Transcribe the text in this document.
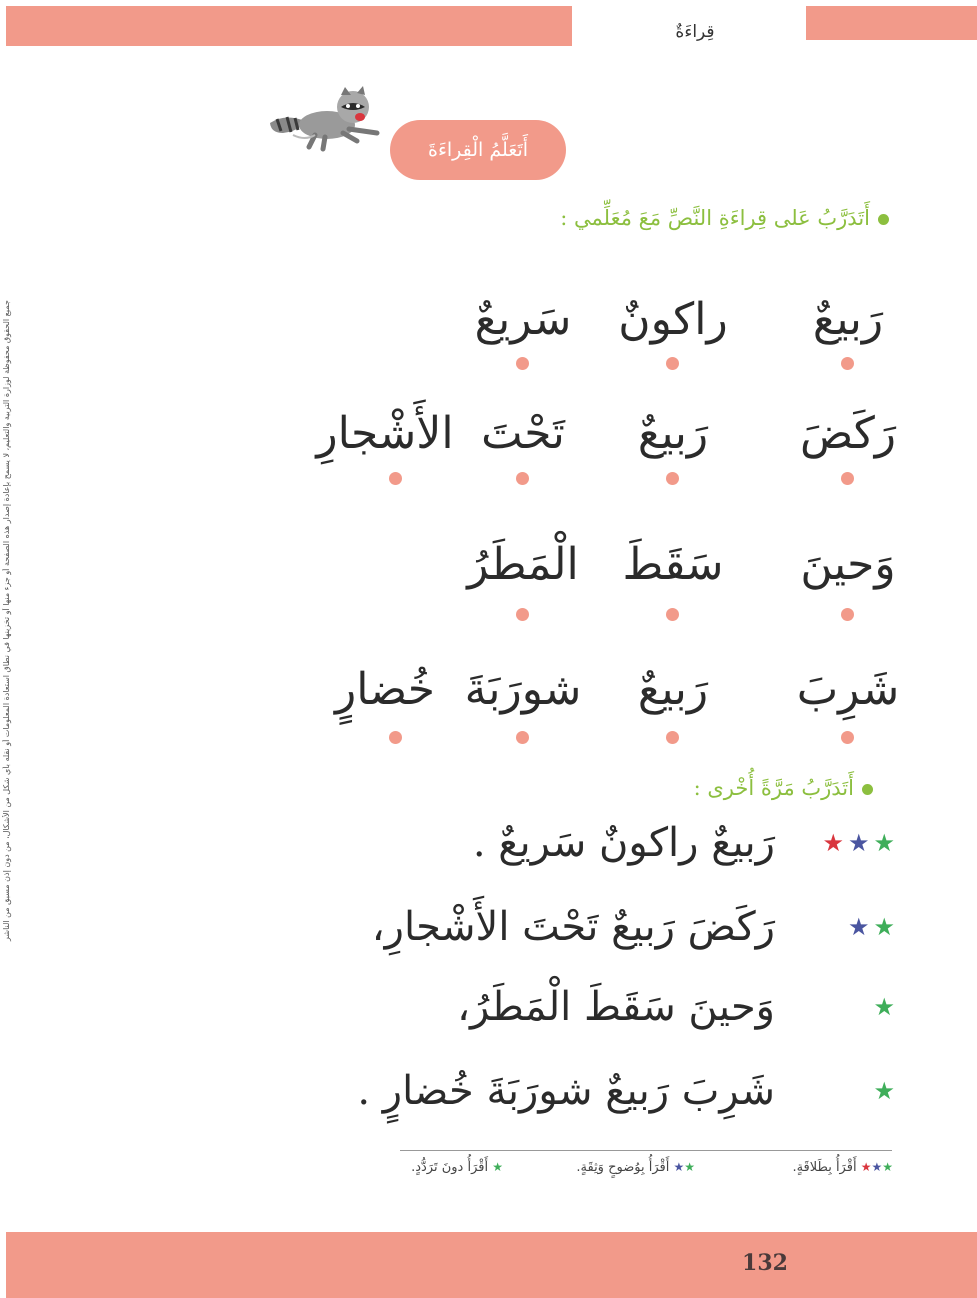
قِراءَةٌ
أَتَعَلَّمُ الْقِراءَةَ
أَتَدَرَّبُ عَلى قِراءَةِ النَّصِّ مَعَ مُعَلِّمي :
رَبيعٌ
راكونٌ
سَريعٌ
رَكَضَ
رَبيعٌ
تَحْتَ
الأَشْجارِ
وَحينَ
سَقَطَ
الْمَطَرُ
شَرِبَ
رَبيعٌ
شورَبَةَ
خُضارٍ
أَتَدَرَّبُ مَرَّةً أُخْرى :
★
★
★
رَبيعٌ راكونٌ سَريعٌ .
★
★
رَكَضَ رَبيعٌ تَحْتَ الأَشْجارِ،
★
وَحينَ سَقَطَ الْمَطَرُ،
★
شَرِبَ رَبيعٌ شورَبَةَ خُضارٍ .
★★★ أَقْرَأُ بِطَلاقَةٍ.
★★ أَقْرَأُ بِوُضوحٍ وَثِقَةٍ.
★ أَقْرَأُ دونَ تَرَدُّدٍ.
جميع الحقوق محفوظة لوزارة التربية والتعليم، لا يسمح بإعادة إصدار هذه الصفحة أو جزء منها أو تخزينها في نطاق استعادة المعلومات أو نقله بأي شكل من الأشكال، من دون إذن مسبق من الناشر
132
